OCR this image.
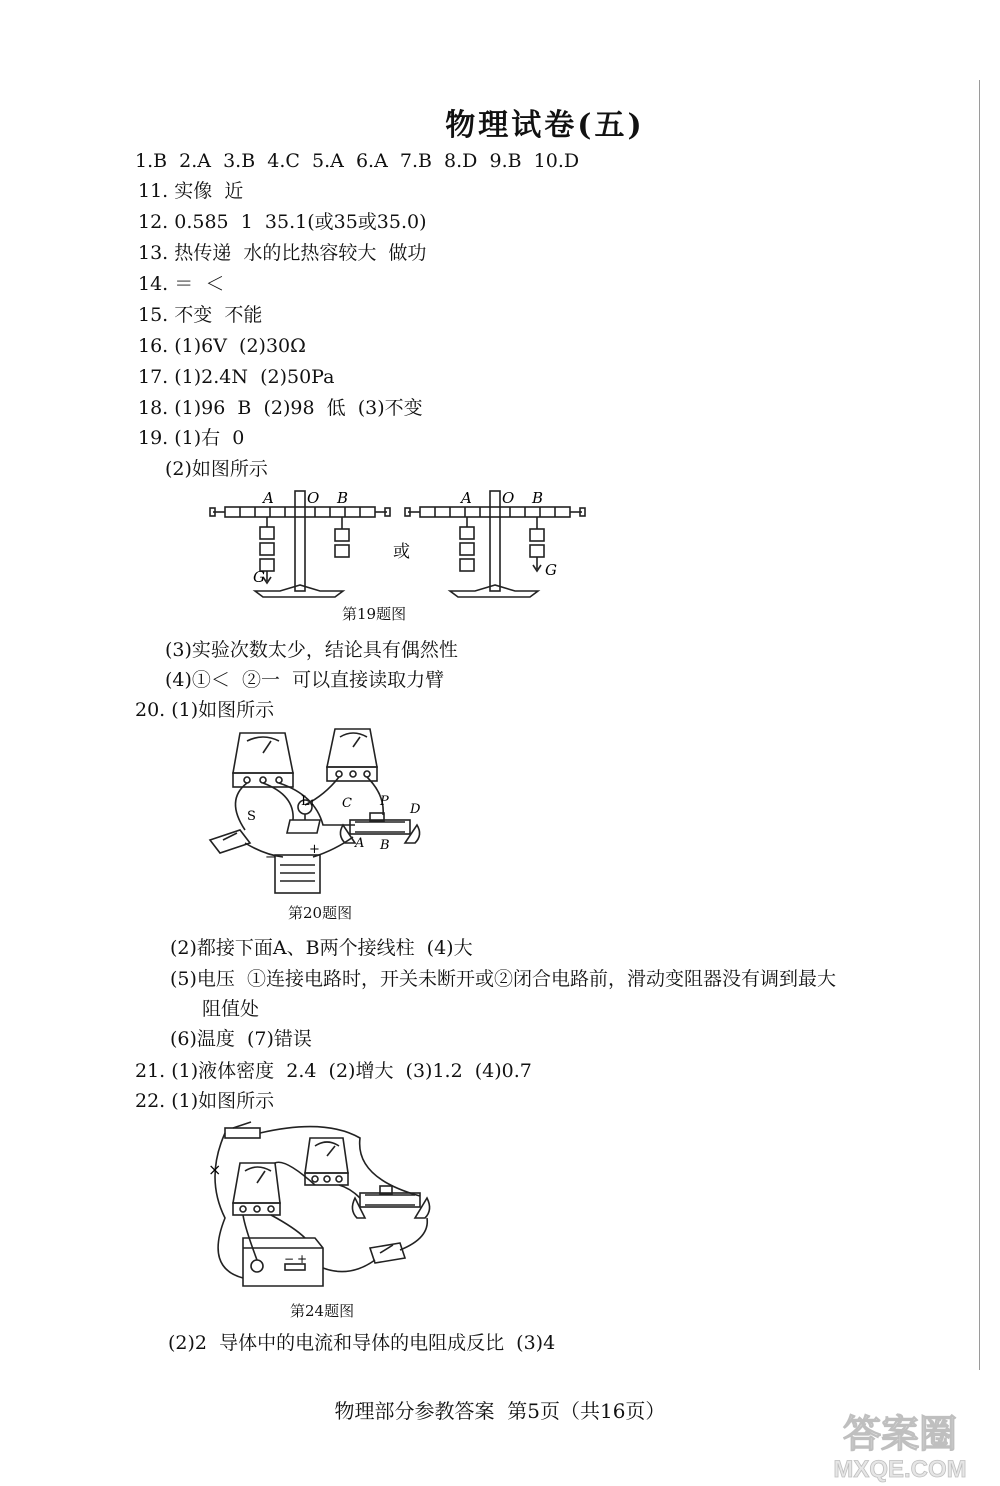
物理试卷(五)
1.B  2.A  3.B  4.C  5.A  6.A  7.B  8.D  9.B  10.D
11. 实像  近
12. 0.585  1  35.1(或35或35.0)
13. 热传递  水的比热容较大  做功
14. ＝  ＜
15. 不变  不能
16. (1)6V  (2)30Ω
17. (1)2.4N  (2)50Pa
18. (1)96  B  (2)98  低  (3)不变
19. (1)右  0
(2)如图所示
A O B
G
或
A O B
G
第19题图
(3)实验次数太少，结论具有偶然性
(4)①＜  ②一  可以直接读取力臂
20. (1)如图所示
L₁
S
C P
D
A B
+
−
第20题图
(2)都接下面A、B两个接线柱  (4)大
(5)电压  ①连接电路时，开关未断开或②闭合电路前，滑动变阻器没有调到最大
阻值处
(6)温度  (7)错误
21. (1)液体密度  2.4  (2)增大  (3)1.2  (4)0.7
22. (1)如图所示
×
− +
第24题图
(2)2  导体中的电流和导体的电阻成反比  (3)4
物理部分参教答案  第5页（共16页）	答案圈
MXQE.COM
